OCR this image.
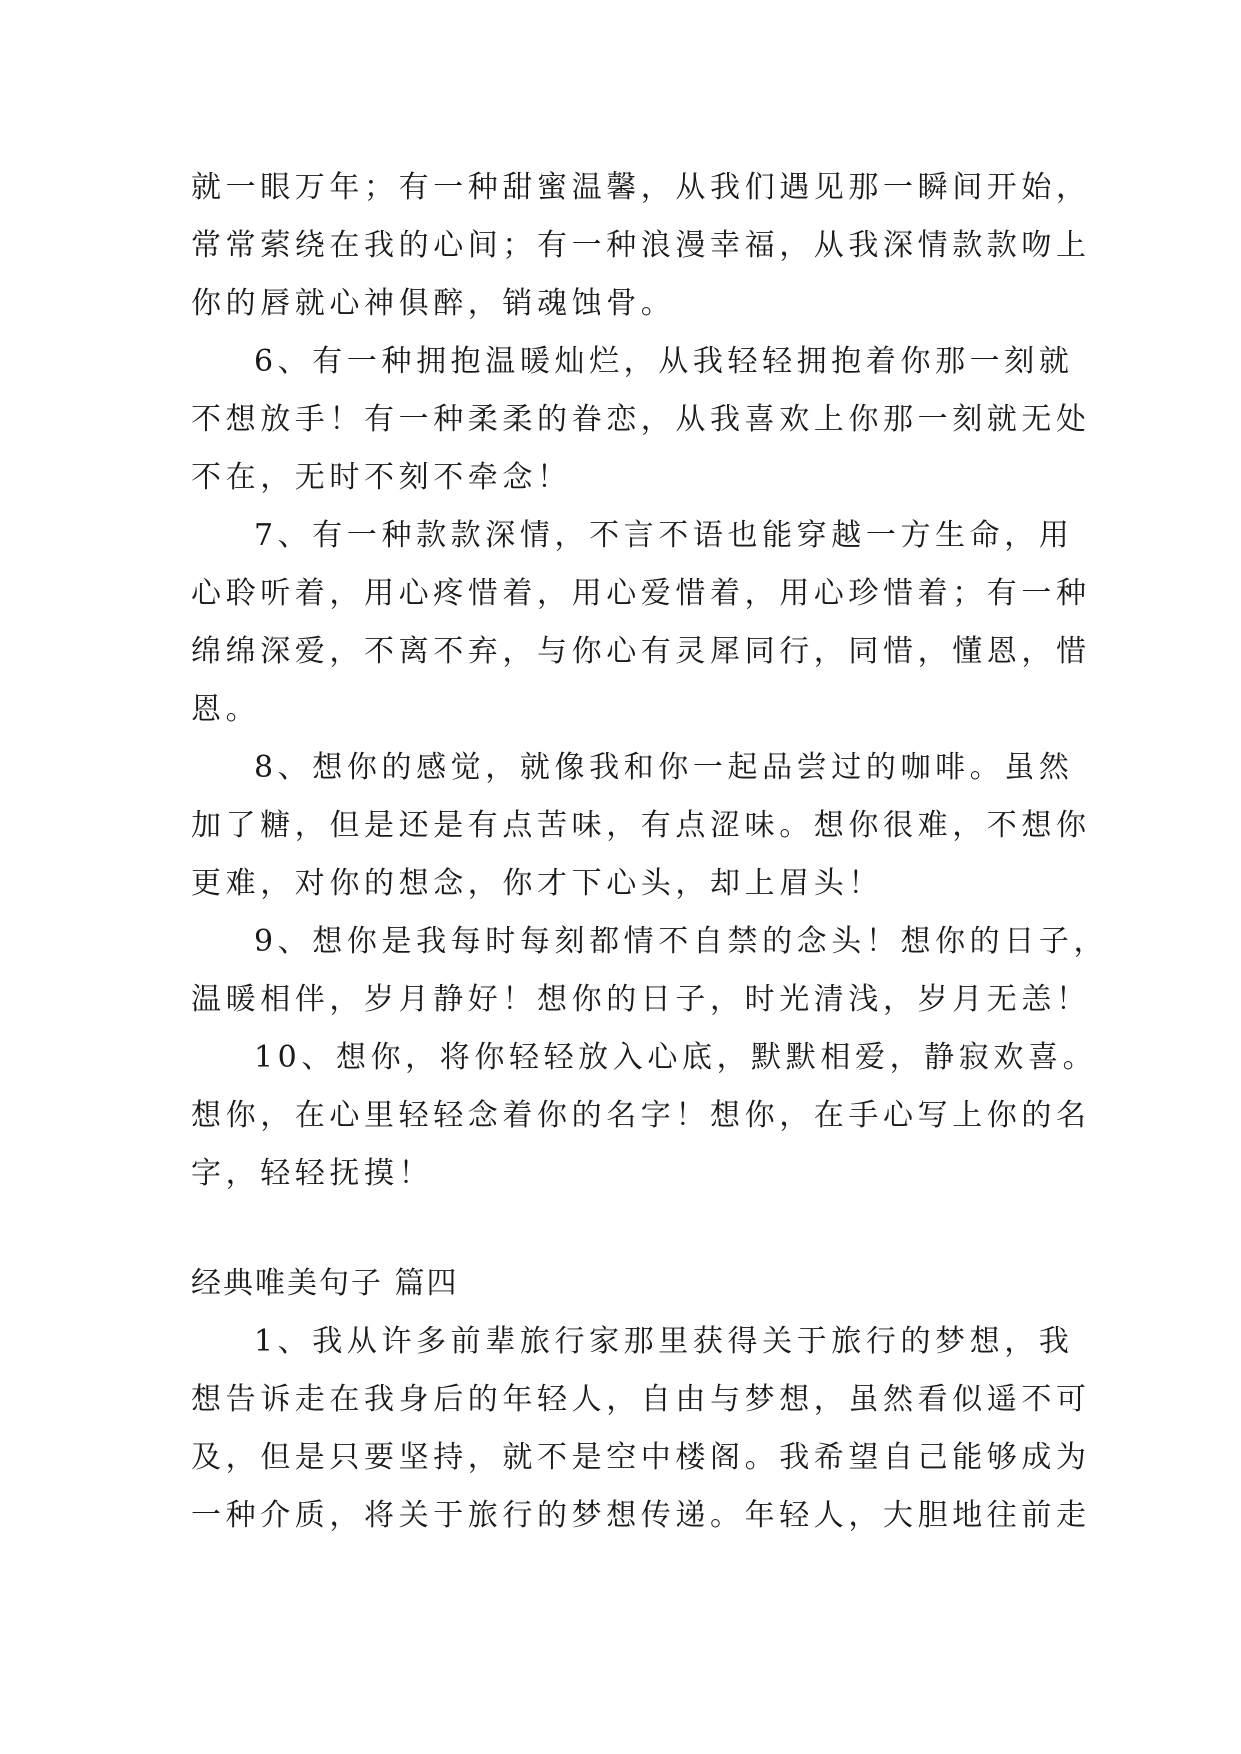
就一眼万年；有一种甜蜜温馨，从我们遇见那一瞬间开始，
常常萦绕在我的心间；有一种浪漫幸福，从我深情款款吻上
你的唇就心神俱醉，销魂蚀骨。
6、有一种拥抱温暖灿烂，从我轻轻拥抱着你那一刻就
不想放手！有一种柔柔的眷恋，从我喜欢上你那一刻就无处
不在，无时不刻不牵念！
7、有一种款款深情，不言不语也能穿越一方生命，用
心聆听着，用心疼惜着，用心爱惜着，用心珍惜着；有一种
绵绵深爱，不离不弃，与你心有灵犀同行，同惜，懂恩，惜
恩。
8、想你的感觉，就像我和你一起品尝过的咖啡。虽然
加了糖，但是还是有点苦味，有点涩味。想你很难，不想你
更难，对你的想念，你才下心头，却上眉头！
9、想你是我每时每刻都情不自禁的念头！想你的日子，
温暖相伴，岁月静好！想你的日子，时光清浅，岁月无恙！
10、想你，将你轻轻放入心底，默默相爱，静寂欢喜。
想你，在心里轻轻念着你的名字！想你，在手心写上你的名
字，轻轻抚摸！
经典唯美句子 篇四
1、我从许多前辈旅行家那里获得关于旅行的梦想，我
想告诉走在我身后的年轻人，自由与梦想，虽然看似遥不可
及，但是只要坚持，就不是空中楼阁。我希望自己能够成为
一种介质，将关于旅行的梦想传递。年轻人，大胆地往前走
